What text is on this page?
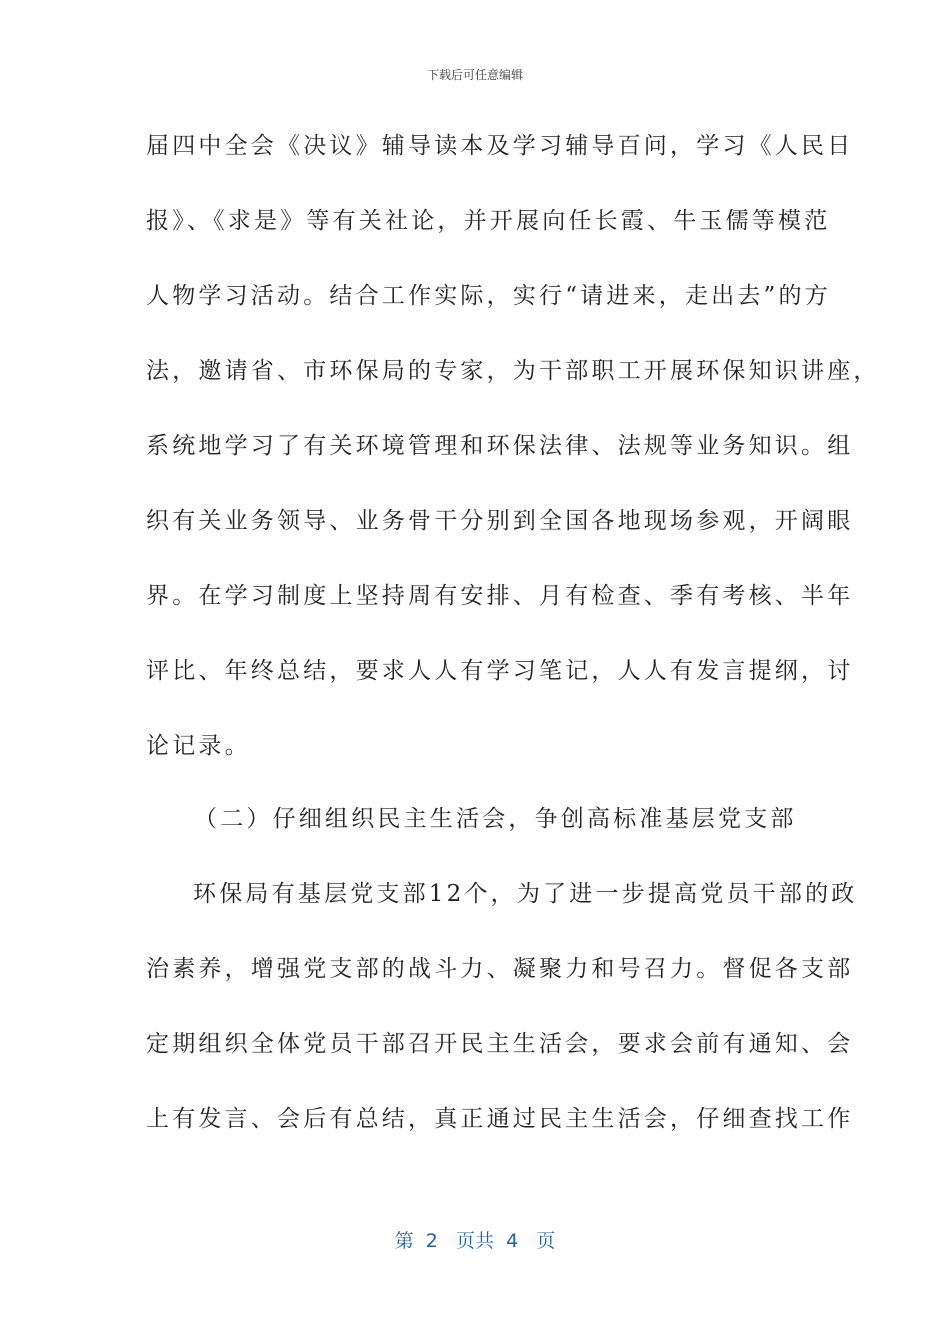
下载后可任意编辑
届四中全会《决议》辅导读本及学习辅导百问，学习《人民日
报》、《求是》等有关社论，并开展向任长霞、牛玉儒等模范
人物学习活动。结合工作实际，实行“请进来，走出去”的方
法，邀请省、市环保局的专家，为干部职工开展环保知识讲座，
系统地学习了有关环境管理和环保法律、法规等业务知识。组
织有关业务领导、业务骨干分别到全国各地现场参观，开阔眼
界。在学习制度上坚持周有安排、月有检查、季有考核、半年
评比、年终总结，要求人人有学习笔记，人人有发言提纲，讨
论记录。
（二）仔细组织民主生活会，争创高标准基层党支部
环保局有基层党支部12个，为了进一步提高党员干部的政
治素养，增强党支部的战斗力、凝聚力和号召力。督促各支部
定期组织全体党员干部召开民主生活会，要求会前有通知、会
上有发言、会后有总结，真正通过民主生活会，仔细查找工作
第  2   页共  4   页
